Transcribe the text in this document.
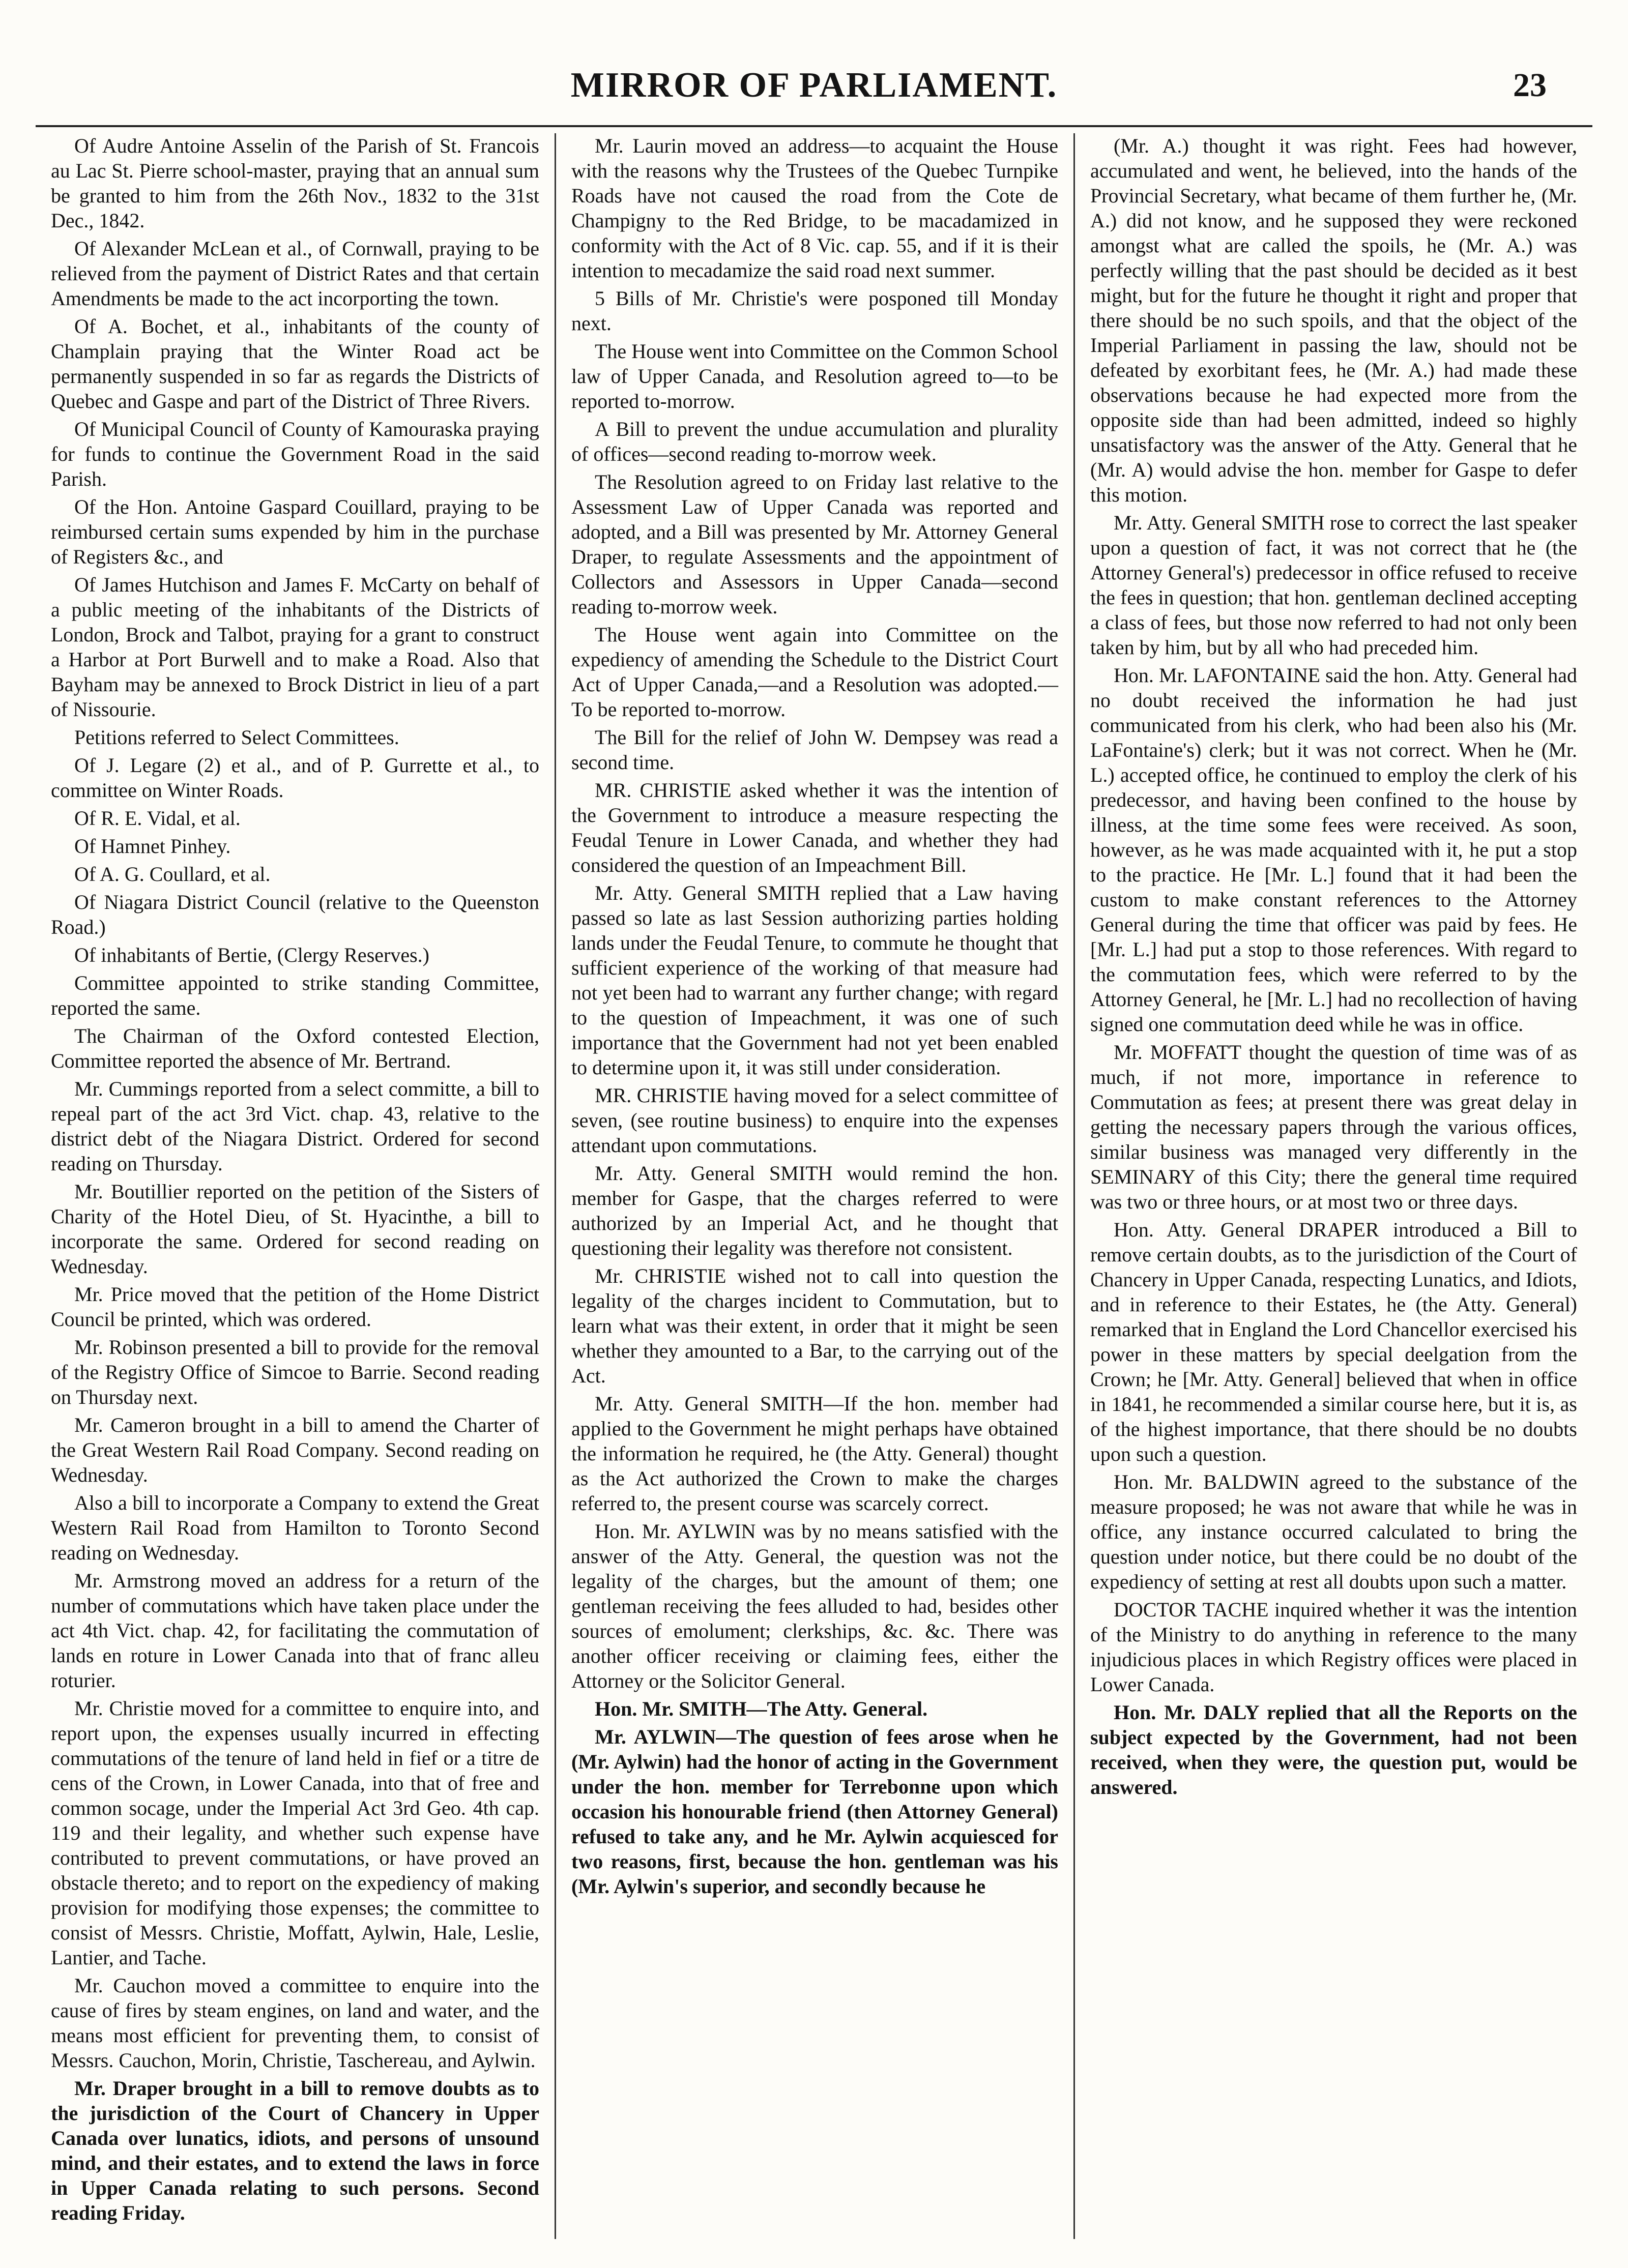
MIRROR OF PARLIAMENT.	23

Of Audre Antoine Asselin of the Parish of St. Francois au Lac St. Pierre school-master, praying that an annual sum be granted to him from the 26th Nov., 1832 to the 31st Dec., 1842.

Of Alexander McLean et al., of Cornwall, praying to be relieved from the payment of District Rates and that certain Amendments be made to the act incorporting the town.

Of A. Bochet, et al., inhabitants of the county of Champlain praying that the Winter Road act be permanently suspended in so far as regards the Districts of Quebec and Gaspe and part of the District of Three Rivers.

Of Municipal Council of County of Kamouraska praying for funds to continue the Government Road in the said Parish.

Of the Hon. Antoine Gaspard Couillard, praying to be reimbursed certain sums expended by him in the purchase of Registers &c., and

Of James Hutchison and James F. McCarty on behalf of a public meeting of the inhabitants of the Districts of London, Brock and Talbot, praying for a grant to construct a Harbor at Port Burwell and to make a Road. Also that Bayham may be annexed to Brock District in lieu of a part of Nissourie.

Petitions referred to Select Committees.

Of J. Legare (2) et al., and of P. Gurrette et al., to committee on Winter Roads.

Of R. E. Vidal, et al.

Of Hamnet Pinhey.

Of A. G. Coullard, et al.

Of Niagara District Council (relative to the Queenston Road.)

Of inhabitants of Bertie, (Clergy Reserves.)

Committee appointed to strike standing Committee, reported the same.

The Chairman of the Oxford contested Election, Committee reported the absence of Mr. Bertrand.

Mr. Cummings reported from a select committe, a bill to repeal part of the act 3rd Vict. chap. 43, relative to the district debt of the Niagara District. Ordered for second reading on Thursday.

Mr. Boutillier reported on the petition of the Sisters of Charity of the Hotel Dieu, of St. Hyacinthe, a bill to incorporate the same. Ordered for second reading on Wednesday.

Mr. Price moved that the petition of the Home District Council be printed, which was ordered.

Mr. Robinson presented a bill to provide for the removal of the Registry Office of Simcoe to Barrie. Second reading on Thursday next.

Mr. Cameron brought in a bill to amend the Charter of the Great Western Rail Road Company. Second reading on Wednesday.

Also a bill to incorporate a Company to extend the Great Western Rail Road from Hamilton to Toronto Second reading on Wednesday.

Mr. Armstrong moved an address for a return of the number of commutations which have taken place under the act 4th Vict. chap. 42, for facilitating the commutation of lands en roture in Lower Canada into that of franc alleu roturier.

Mr. Christie moved for a committee to enquire into, and report upon, the expenses usually incurred in effecting commutations of the tenure of land held in fief or a titre de cens of the Crown, in Lower Canada, into that of free and common socage, under the Imperial Act 3rd Geo. 4th cap. 119 and their legality, and whether such expense have contributed to prevent commutations, or have proved an obstacle thereto; and to report on the expediency of making provision for modifying those expenses; the committee to consist of Messrs. Christie, Moffatt, Aylwin, Hale, Leslie, Lantier, and Tache.

Mr. Cauchon moved a committee to enquire into the cause of fires by steam engines, on land and water, and the means most efficient for preventing them, to consist of Messrs. Cauchon, Morin, Christie, Taschereau, and Aylwin.

Mr. Draper brought in a bill to remove doubts as to the jurisdiction of the Court of Chancery in Upper Canada over lunatics, idiots, and persons of unsound mind, and their estates, and to extend the laws in force in Upper Canada relating to such persons. Second reading Friday.

Mr. Laurin moved an address—to acquaint the House with the reasons why the Trustees of the Quebec Turnpike Roads have not caused the road from the Cote de Champigny to the Red Bridge, to be macadamized in conformity with the Act of 8 Vic. cap. 55, and if it is their intention to mecadamize the said road next summer.

5 Bills of Mr. Christie's were posponed till Monday next.

The House went into Committee on the Common School law of Upper Canada, and Resolution agreed to—to be reported to-morrow.

A Bill to prevent the undue accumulation and plurality of offices—second reading to-morrow week.

The Resolution agreed to on Friday last relative to the Assessment Law of Upper Canada was reported and adopted, and a Bill was presented by Mr. Attorney General Draper, to regulate Assessments and the appointment of Collectors and Assessors in Upper Canada—second reading to-morrow week.

The House went again into Committee on the expediency of amending the Schedule to the District Court Act of Upper Canada,—and a Resolution was adopted.—To be reported to-morrow.

The Bill for the relief of John W. Dempsey was read a second time.

MR. CHRISTIE asked whether it was the intention of the Government to introduce a measure respecting the Feudal Tenure in Lower Canada, and whether they had considered the question of an Impeachment Bill.

Mr. Atty. General SMITH replied that a Law having passed so late as last Session authorizing parties holding lands under the Feudal Tenure, to commute he thought that sufficient experience of the working of that measure had not yet been had to warrant any further change; with regard to the question of Impeachment, it was one of such importance that the Government had not yet been enabled to determine upon it, it was still under consideration.

MR. CHRISTIE having moved for a select committee of seven, (see routine business) to enquire into the expenses attendant upon commutations.

Mr. Atty. General SMITH would remind the hon. member for Gaspe, that the charges referred to were authorized by an Imperial Act, and he thought that questioning their legality was therefore not consistent.

Mr. CHRISTIE wished not to call into question the legality of the charges incident to Commutation, but to learn what was their extent, in order that it might be seen whether they amounted to a Bar, to the carrying out of the Act.

Mr. Atty. General SMITH—If the hon. member had applied to the Government he might perhaps have obtained the information he required, he (the Atty. General) thought as the Act authorized the Crown to make the charges referred to, the present course was scarcely correct.

Hon. Mr. AYLWIN was by no means satisfied with the answer of the Atty. General, the question was not the legality of the charges, but the amount of them; one gentleman receiving the fees alluded to had, besides other sources of emolument; clerkships, &c. &c. There was another officer receiving or claiming fees, either the Attorney or the Solicitor General.

Hon. Mr. SMITH—The Atty. General.

Mr. AYLWIN—The question of fees arose when he (Mr. Aylwin) had the honor of acting in the Government under the hon. member for Terrebonne upon which occasion his honourable friend (then Attorney General) refused to take any, and he Mr. Aylwin acquiesced for two reasons, first, because the hon. gentleman was his (Mr. Aylwin's superior, and secondly because he

(Mr. A.) thought it was right. Fees had however, accumulated and went, he believed, into the hands of the Provincial Secretary, what became of them further he, (Mr. A.) did not know, and he supposed they were reckoned amongst what are called the spoils, he (Mr. A.) was perfectly willing that the past should be decided as it best might, but for the future he thought it right and proper that there should be no such spoils, and that the object of the Imperial Parliament in passing the law, should not be defeated by exorbitant fees, he (Mr. A.) had made these observations because he had expected more from the opposite side than had been admitted, indeed so highly unsatisfactory was the answer of the Atty. General that he (Mr. A) would advise the hon. member for Gaspe to defer this motion.

Mr. Atty. General SMITH rose to correct the last speaker upon a question of fact, it was not correct that he (the Attorney General's) predecessor in office refused to receive the fees in question; that hon. gentleman declined accepting a class of fees, but those now referred to had not only been taken by him, but by all who had preceded him.

Hon. Mr. LAFONTAINE said the hon. Atty. General had no doubt received the information he had just communicated from his clerk, who had been also his (Mr. LaFontaine's) clerk; but it was not correct. When he (Mr. L.) accepted office, he continued to employ the clerk of his predecessor, and having been confined to the house by illness, at the time some fees were received. As soon, however, as he was made acquainted with it, he put a stop to the practice. He [Mr. L.] found that it had been the custom to make constant references to the Attorney General during the time that officer was paid by fees. He [Mr. L.] had put a stop to those references. With regard to the commutation fees, which were referred to by the Attorney General, he [Mr. L.] had no recollection of having signed one commutation deed while he was in office.

Mr. MOFFATT thought the question of time was of as much, if not more, importance in reference to Commutation as fees; at present there was great delay in getting the necessary papers through the various offices, similar business was managed very differently in the SEMINARY of this City; there the general time required was two or three hours, or at most two or three days.

Hon. Atty. General DRAPER introduced a Bill to remove certain doubts, as to the jurisdiction of the Court of Chancery in Upper Canada, respecting Lunatics, and Idiots, and in reference to their Estates, he (the Atty. General) remarked that in England the Lord Chancellor exercised his power in these matters by special deelgation from the Crown; he [Mr. Atty. General] believed that when in office in 1841, he recommended a similar course here, but it is, as of the highest importance, that there should be no doubts upon such a question.

Hon. Mr. BALDWIN agreed to the substance of the measure proposed; he was not aware that while he was in office, any instance occurred calculated to bring the question under notice, but there could be no doubt of the expediency of setting at rest all doubts upon such a matter.

DOCTOR TACHE inquired whether it was the intention of the Ministry to do anything in reference to the many injudicious places in which Registry offices were placed in Lower Canada.

Hon. Mr. DALY replied that all the Reports on the subject expected by the Government, had not been received, when they were, the question put, would be answered.
